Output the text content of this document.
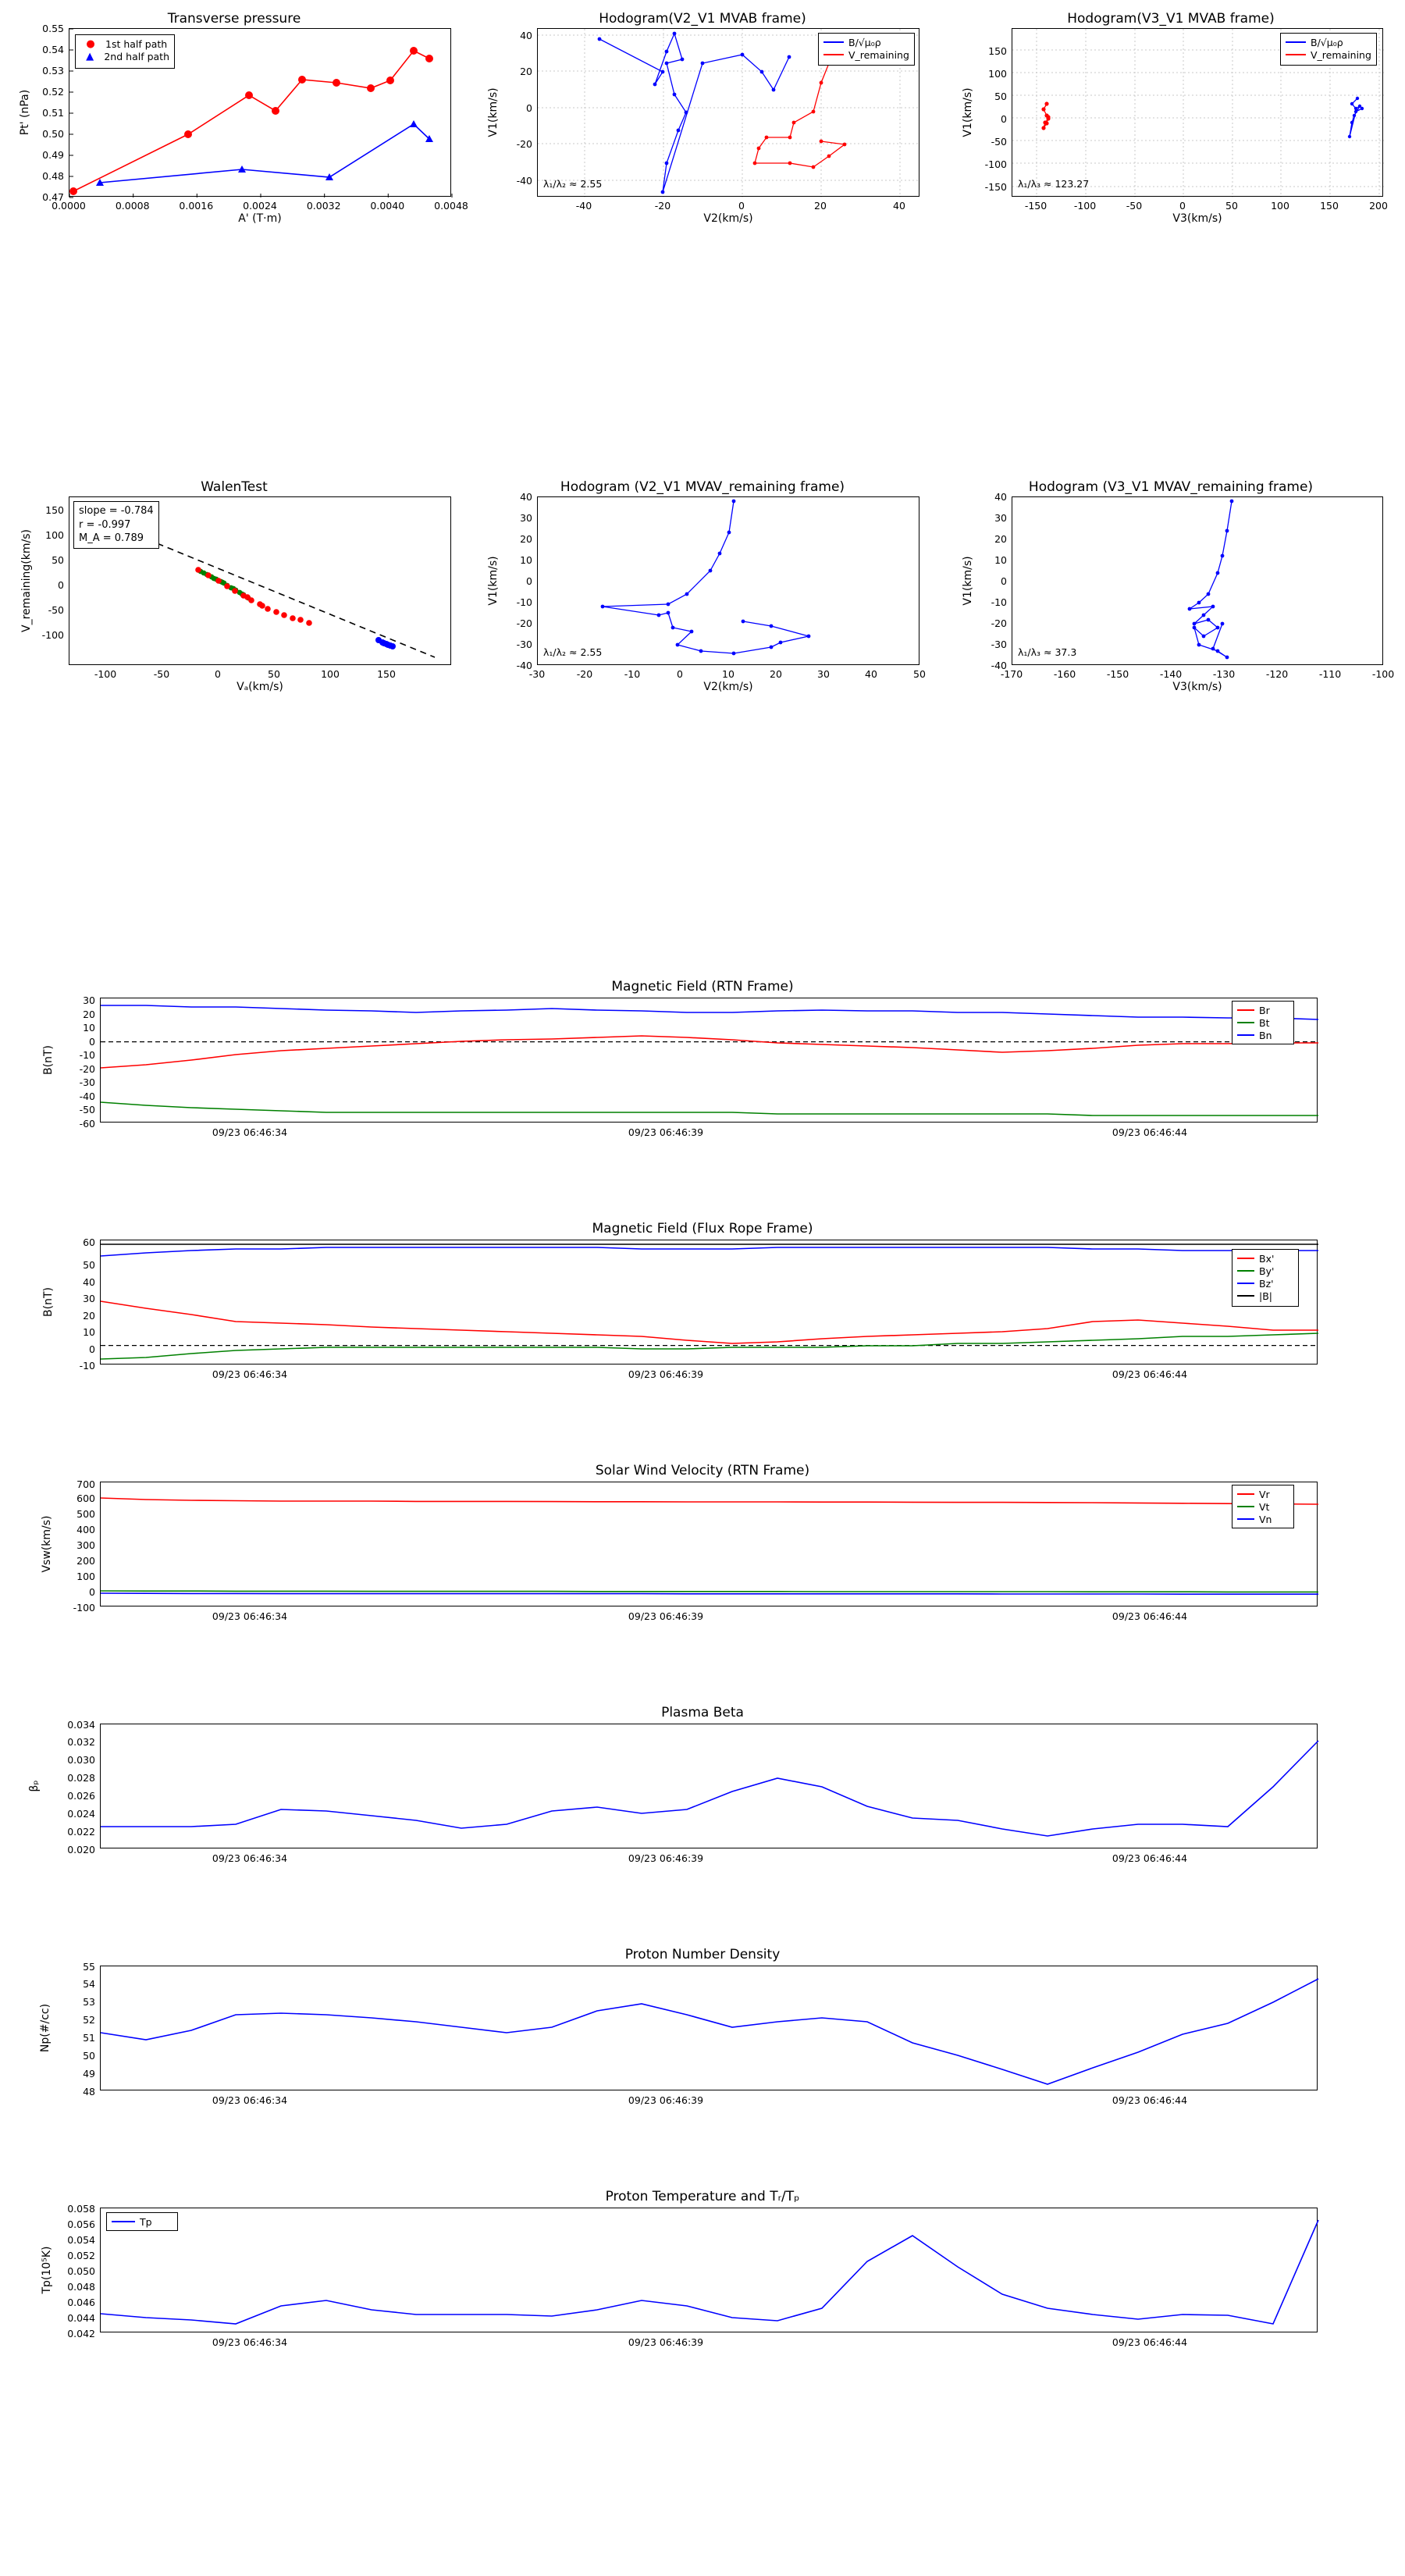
Transverse pressure
0.47
0.48
0.49
0.50
0.51
0.52
0.53
0.54
0.55
0.0000	0.0008	0.0016	0.0024	0.0032	0.0040	0.0048
A' (T·m)
Pt' (nPa)
●	1st half path
▲	2nd half path
Hodogram(V2_V1 MVAB frame)
-40
-20
0
20
40
-40	-20	0	20	40
V2(km/s)
V1(km/s)
λ₁/λ₂ ≈ 2.55
B/√μ₀ρ
V_remaining
Hodogram(V3_V1 MVAB frame)
-150
-100
-50
0
50
100
150
-150	-100	-50	0	50	100	150	200
V3(km/s)
V1(km/s)
λ₁/λ₃ ≈ 123.27
B/√μ₀ρ
V_remaining
WalenTest
-100
-50
0
50
100
150
-100	-50	0	50	100	150
Vₐ(km/s)
V_remaining(km/s)
slope = -0.784
r = -0.997
M_A = 0.789
Hodogram (V2_V1 MVAV_remaining frame)
-40
-30
-20
-10
0
10
20
30
40
-30	-20	-10	0	10	20	30	40	50
V2(km/s)
V1(km/s)
λ₁/λ₂ ≈ 2.55
Hodogram (V3_V1 MVAV_remaining frame)
-40
-30
-20
-10
0
10
20
30
40
-170	-160	-150	-140	-130	-120	-110	-100
V3(km/s)
V1(km/s)
λ₁/λ₃ ≈ 37.3
Magnetic Field (RTN Frame)
-60
-50
-40
-30
-20
-10
0
10
20
30
09/23 06:46:34	09/23 06:46:39	09/23 06:46:44
B(nT)
Br
Bt
Bn
Magnetic Field (Flux Rope Frame)
-10
0
10
20
30
40
50
60
09/23 06:46:34	09/23 06:46:39	09/23 06:46:44
B(nT)
Bx'
By'
Bz'
|B|
Solar Wind Velocity (RTN Frame)
-100
0
100
200
300
400
500
600
700
09/23 06:46:34	09/23 06:46:39	09/23 06:46:44
Vsw(km/s)
Vr
Vt
Vn
Plasma Beta
0.020
0.022
0.024
0.026
0.028
0.030
0.032
0.034
09/23 06:46:34	09/23 06:46:39	09/23 06:46:44
βₚ
Proton Number Density
48
49
50
51
52
53
54
55
09/23 06:46:34	09/23 06:46:39	09/23 06:46:44
Np(#/cc)
Proton Temperature and Tᵣ/Tₚ
0.042
0.044
0.046
0.048
0.050
0.052
0.054
0.056
0.058
09/23 06:46:34	09/23 06:46:39	09/23 06:46:44
Tp(10⁵K)
Tp
